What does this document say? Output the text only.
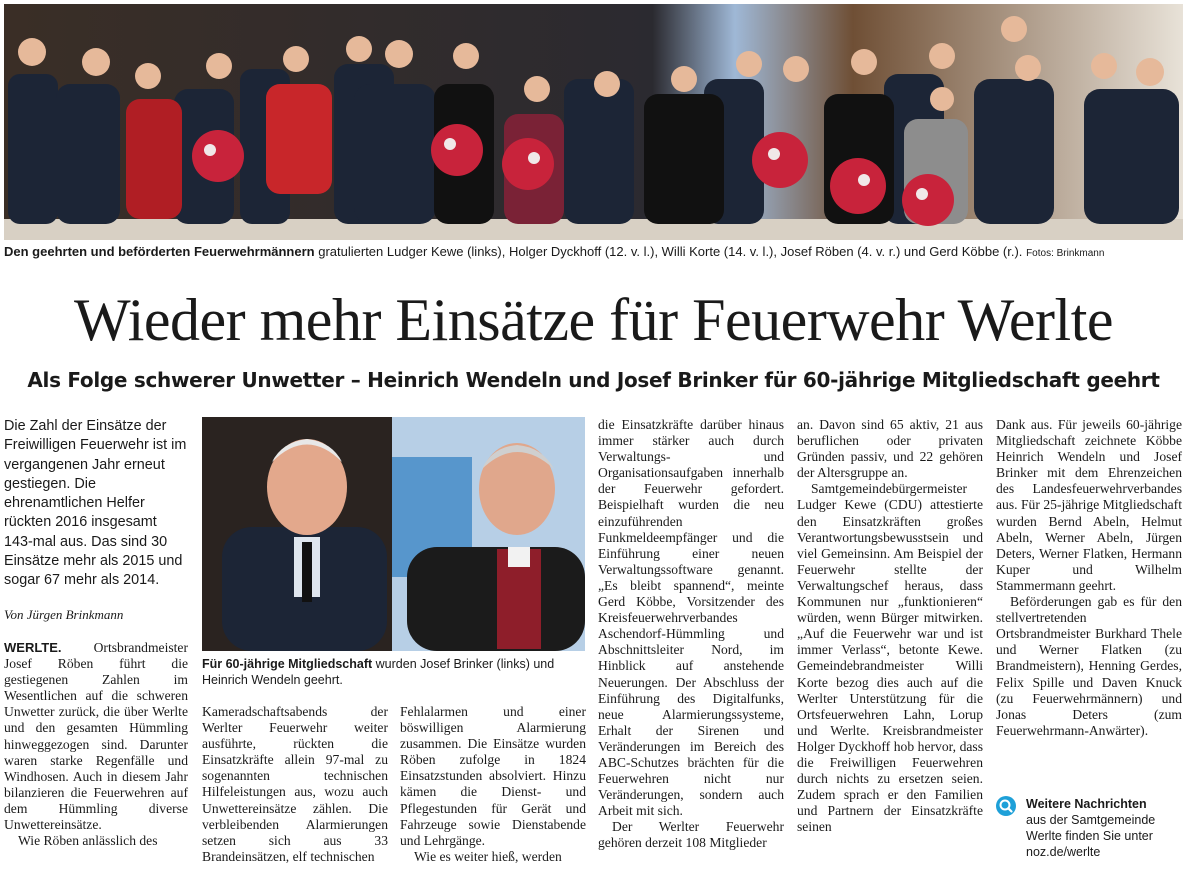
Den geehrten und beförderten Feuerwehrmännern gratulierten Ludger Kewe (links), Holger Dyckhoff (12. v. l.), Willi Korte (14. v. l.), Josef Röben (4. v. r.) und Gerd Köbbe (r.). Fotos: Brinkmann
Wieder mehr Einsätze für Feuerwehr Werlte
Als Folge schwerer Unwetter – Heinrich Wendeln und Josef Brinker für 60-jährige Mitgliedschaft geehrt
Die Zahl der Einsätze der Freiwilligen Feuerwehr ist im vergangenen Jahr erneut gestiegen. Die ehrenamtlichen Helfer rückten 2016 insgesamt 143-mal aus. Das sind 30 Einsätze mehr als 2015 und sogar 67 mehr als 2014.
Von Jürgen Brinkmann
Für 60-jährige Mitgliedschaft wurden Josef Brinker (links) und Heinrich Wendeln geehrt.

WERLTE. Ortsbrandmeister Josef Röben führt die gestiegenen Zahlen im Wesentlichen auf die schweren Unwetter zurück, die über Werlte und den gesamten Hümmling hinweggezogen sind. Darunter waren starke Regenfälle und Windhosen. Auch in diesem Jahr bilanzieren die Feuerwehren auf dem Hümmling diverse Unwettereinsätze.

Wie Röben anlässlich des

Kameradschaftsabends der Werlter Feuerwehr weiter ausführte, rückten die Einsatzkräfte allein 97-mal zu sogenannten technischen Hilfeleistungen aus, wozu auch Unwettereinsätze zählen. Die verbleibenden Alarmierungen setzen sich aus 33 Brandeinsätzen, elf technischen

Fehlalarmen und einer böswilligen Alarmierung zusammen. Die Einsätze wurden Röben zufolge in 1824 Einsatzstunden absolviert. Hinzu kämen die Dienst- und Pflegestunden für Gerät und Fahrzeuge sowie Dienstabende und Lehrgänge.

Wie es weiter hieß, werden

die Einsatzkräfte darüber hinaus immer stärker auch durch Verwaltungs- und Organisationsaufgaben innerhalb der Feuerwehr gefordert. Beispielhaft wurden die neu einzuführenden Funkmeldeempfänger und die Einführung einer neuen Verwaltungssoftware genannt. „Es bleibt spannend“, meinte Gerd Köbbe, Vorsitzender des Kreisfeuerwehrverbandes Aschendorf-Hümmling und Abschnittsleiter Nord, im Hinblick auf anstehende Neuerungen. Der Abschluss der Einführung des Digitalfunks, neue Alarmierungssysteme, Erhalt der Sirenen und Veränderungen im Bereich des ABC-Schutzes brächten für die Feuerwehren nicht nur Veränderungen, sondern auch Arbeit mit sich.

Der Werlter Feuerwehr gehören derzeit 108 Mitglieder

an. Davon sind 65 aktiv, 21 aus beruflichen oder privaten Gründen passiv, und 22 gehören der Altersgruppe an.

Samtgemeindebürgermeister Ludger Kewe (CDU) attestierte den Einsatzkräften großes Verantwortungsbewusstsein und viel Gemeinsinn. Am Beispiel der Feuerwehr stellte der Verwaltungschef heraus, dass Kommunen nur „funktionieren“ würden, wenn Bürger mitwirken. „Auf die Feuerwehr war und ist immer Verlass“, betonte Kewe. Gemeindebrandmeister Willi Korte bezog dies auch auf die Werlter Unterstützung für die Ortsfeuerwehren Lahn, Lorup und Werlte. Kreisbrandmeister Holger Dyckhoff hob hervor, dass die Freiwilligen Feuerwehren durch nichts zu ersetzen seien. Zudem sprach er den Familien und Partnern der Einsatzkräfte seinen

Dank aus. Für jeweils 60-jährige Mitgliedschaft zeichnete Köbbe Heinrich Wendeln und Josef Brinker mit dem Ehrenzeichen des Landesfeuerwehrverbandes aus. Für 25-jährige Mitgliedschaft wurden Bernd Abeln, Helmut Abeln, Werner Abeln, Jürgen Deters, Werner Flatken, Hermann Kuper und Wilhelm Stammermann geehrt.

Beförderungen gab es für den stellvertretenden Ortsbrandmeister Burkhard Thele und Werner Flatken (zu Brandmeistern), Henning Gerdes, Felix Spille und Daven Knuck (zu Feuerwehrmännern) und Jonas Deters (zum Feuerwehrmann-Anwärter).

Weitere Nachrichten
aus der Samtgemeinde Werlte finden Sie unter noz.de/werlte
